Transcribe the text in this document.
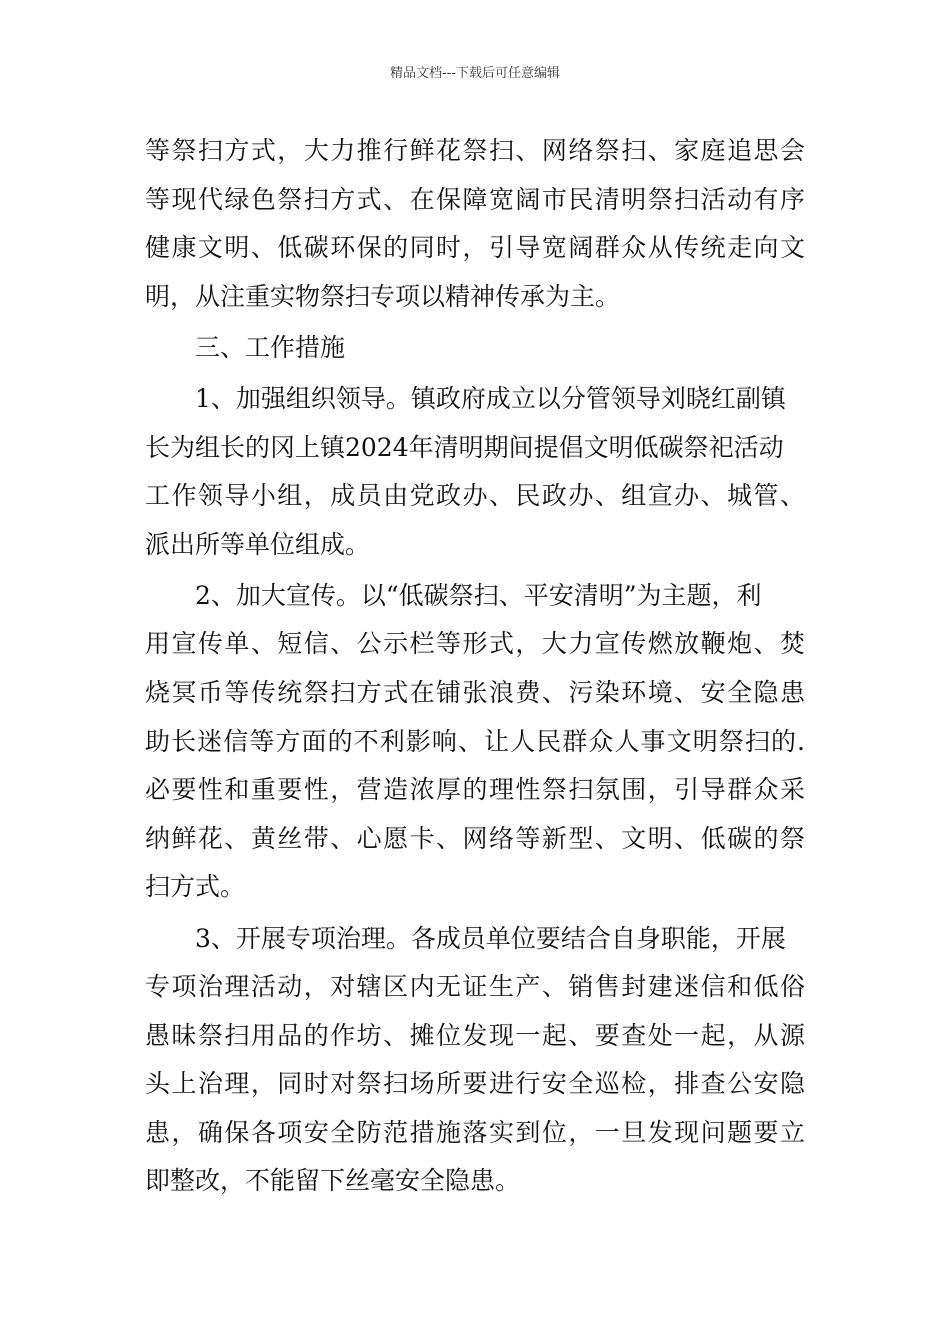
精品文档---下载后可任意编辑
等祭扫方式，大力推行鲜花祭扫、网络祭扫、家庭追思会
等现代绿色祭扫方式、在保障宽阔市民清明祭扫活动有序
健康文明、低碳环保的同时，引导宽阔群众从传统走向文
明，从注重实物祭扫专项以精神传承为主。
三、工作措施
1、加强组织领导。镇政府成立以分管领导刘晓红副镇
长为组长的冈上镇2024年清明期间提倡文明低碳祭祀活动
工作领导小组，成员由党政办、民政办、组宣办、城管、
派出所等单位组成。
2、加大宣传。以“低碳祭扫、平安清明”为主题，利
用宣传单、短信、公示栏等形式，大力宣传燃放鞭炮、焚
烧冥币等传统祭扫方式在铺张浪费、污染环境、安全隐患
助长迷信等方面的不利影响、让人民群众人事文明祭扫的.
必要性和重要性，营造浓厚的理性祭扫氛围，引导群众采
纳鲜花、黄丝带、心愿卡、网络等新型、文明、低碳的祭
扫方式。
3、开展专项治理。各成员单位要结合自身职能，开展
专项治理活动，对辖区内无证生产、销售封建迷信和低俗
愚昧祭扫用品的作坊、摊位发现一起、要查处一起，从源
头上治理，同时对祭扫场所要进行安全巡检，排查公安隐
患，确保各项安全防范措施落实到位，一旦发现问题要立
即整改，不能留下丝毫安全隐患。
